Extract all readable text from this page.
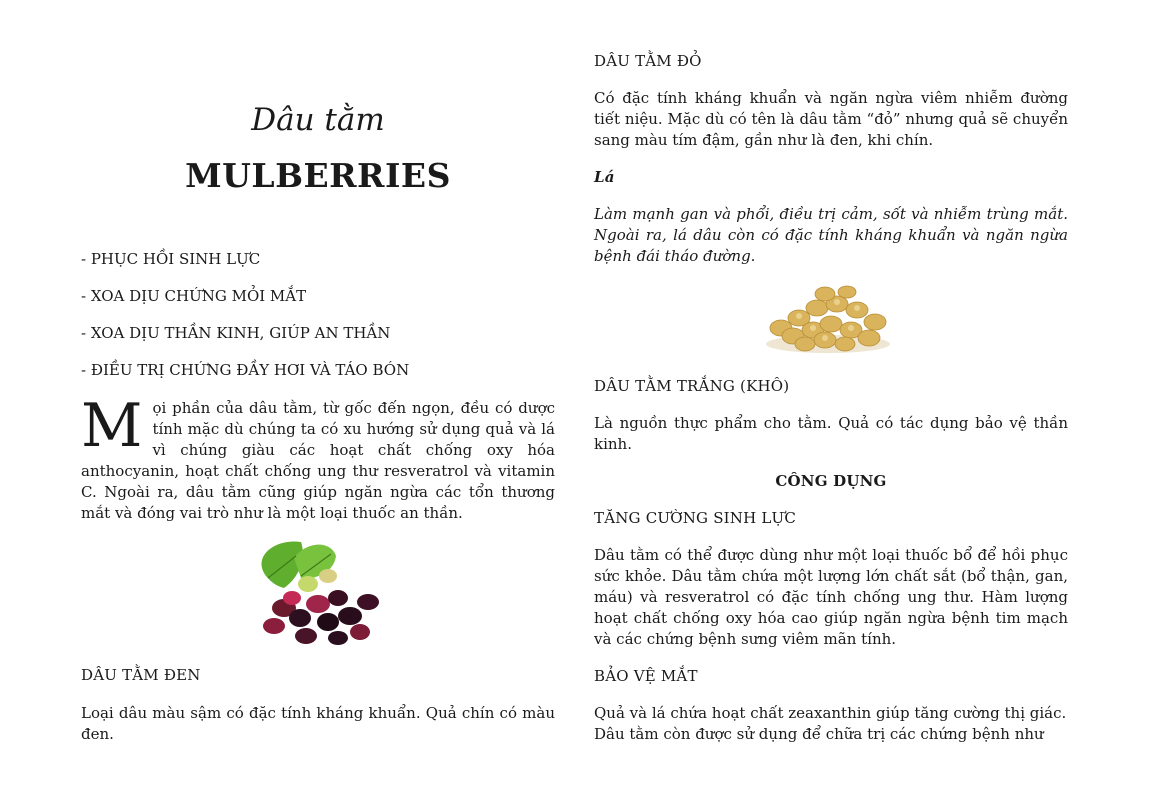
Dâu tằm
MULBERRIES
- PHỤC HỒI SINH LỰC
- XOA DỊU CHỨNG MỎI MẮT
- XOA DỊU THẦN KINH, GIÚP AN THẦN
- ĐIỀU TRỊ CHỨNG ĐẦY HƠI VÀ TÁO BÓN
M ọi phần của dâu tằm, từ gốc đến ngọn, đều có dược tính mặc dù chúng ta có xu hướng sử dụng quả và lá vì chúng giàu các hoạt chất chống oxy hóa anthocyanin, hoạt chất chống ung thư resveratrol và vitamin C. Ngoài ra, dâu tằm cũng giúp ngăn ngừa các tổn thương mắt và đóng vai trò như là một loại thuốc an thần.
DÂU TẰM ĐEN
Loại dâu màu sậm có đặc tính kháng khuẩn. Quả chín có màu đen.
DÂU TẰM ĐỎ
Có đặc tính kháng khuẩn và ngăn ngừa viêm nhiễm đường tiết niệu. Mặc dù có tên là dâu tằm “đỏ” nhưng quả sẽ chuyển sang màu tím đậm, gần như là đen, khi chín.
Lá
Làm mạnh gan và phổi, điều trị cảm, sốt và nhiễm trùng mắt. Ngoài ra, lá dâu còn có đặc tính kháng khuẩn và ngăn ngừa bệnh đái tháo đường.
DÂU TẰM TRẮNG (KHÔ)
Là nguồn thực phẩm cho tằm. Quả có tác dụng bảo vệ thần kinh.
CÔNG DỤNG
TĂNG CƯỜNG SINH LỰC
Dâu tằm có thể được dùng như một loại thuốc bổ để hồi phục sức khỏe. Dâu tằm chứa một lượng lớn chất sắt (bổ thận, gan, máu) và resveratrol có đặc tính chống ung thư. Hàm lượng hoạt chất chống oxy hóa cao giúp ngăn ngừa bệnh tim mạch và các chứng bệnh sưng viêm mãn tính.
BẢO VỆ MẮT
Quả và lá chứa hoạt chất zeaxanthin giúp tăng cường thị giác. Dâu tằm còn được sử dụng để chữa trị các chứng bệnh như
